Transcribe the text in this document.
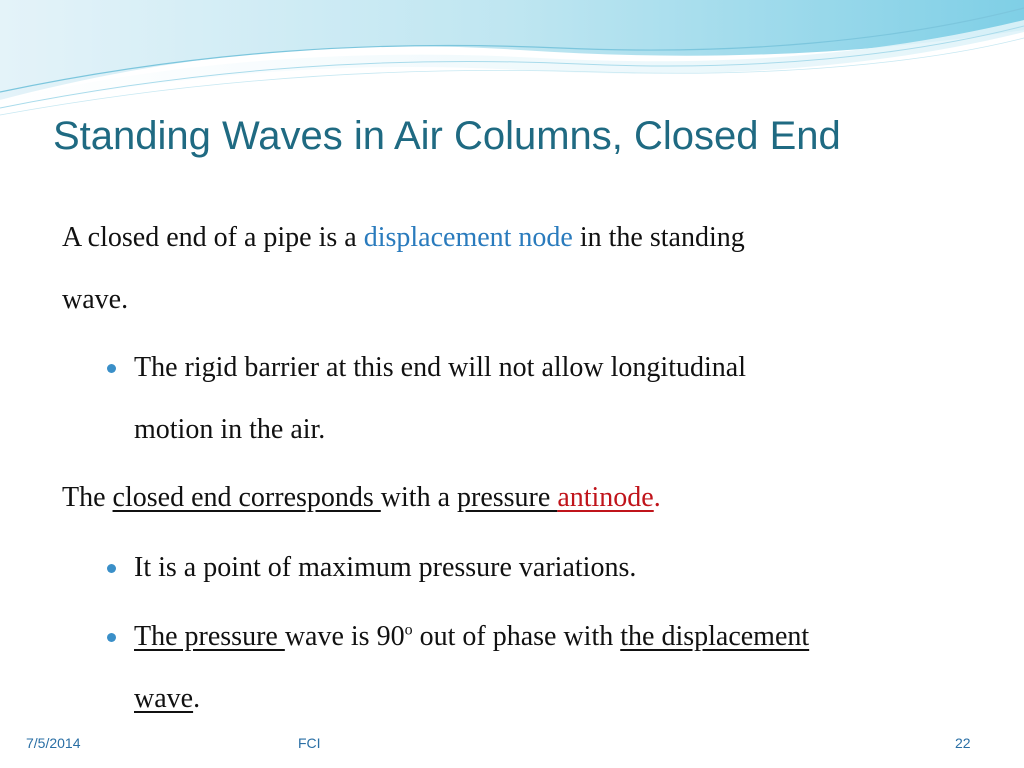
Standing Waves in Air Columns, Closed End
A closed end of a pipe is a displacement node in the standing
wave.
The rigid barrier at this end will not allow longitudinal
motion in the air.
The closed end corresponds with a pressure antinode.
It is a point of maximum pressure variations.
The pressure wave is 90$^o$ out of phase with the displacement
wave.
7/5/2014	FCI	22
